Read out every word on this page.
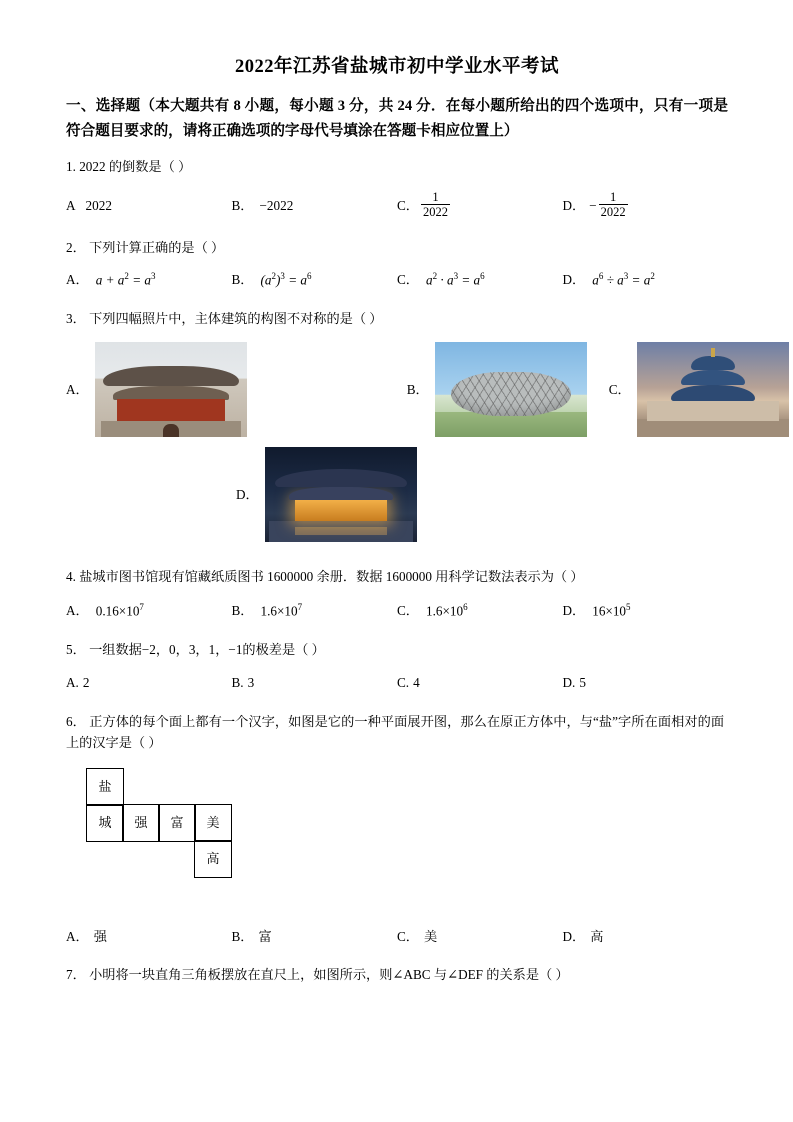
2022年江苏省盐城市初中学业水平考试
一、选择题（本大题共有 8 小题，每小题 3 分，共 24 分．在每小题所给出的四个选项中，只有一项是符合题目要求的，请将正确选项的字母代号填涂在答题卡相应位置上）
1. 2022 的倒数是（ ）
A 2022	B． −2022	C． $\frac{1}{2022}$	D． − $\frac{1}{2022}$
2． 下列计算正确的是（ ）
A． $a + a^2 = a^3$	B． $(a^2)^3 = a^6$	C． $a^2 \cdot a^3 = a^6$	D． $a^6 \div a^3 = a^2$
3． 下列四幅照片中，主体建筑的构图不对称的是（ ）
A．	B．	C．
D．
4. 盐城市图书馆现有馆藏纸质图书 1600000 余册．数据 1600000 用科学记数法表示为（ ）
A． $0.16\times 10^7$	B． $1.6\times 10^7$	C． $1.6\times 10^6$	D． $16\times 10^5$
5． 一组数据−2，0，3，1，−1的极差是（ ）
A. 2	B. 3	C. 4	D. 5
6． 正方体的每个面上都有一个汉字，如图是它的一种平面展开图，那么在原正方体中，与“盐”字所在面相对的面上的汉字是（ ）
盐
城	强	富	美
高
A． 强	B． 富	C． 美	D． 高
7． 小明将一块直角三角板摆放在直尺上，如图所示，则∠ABC 与∠DEF 的关系是（ ）
